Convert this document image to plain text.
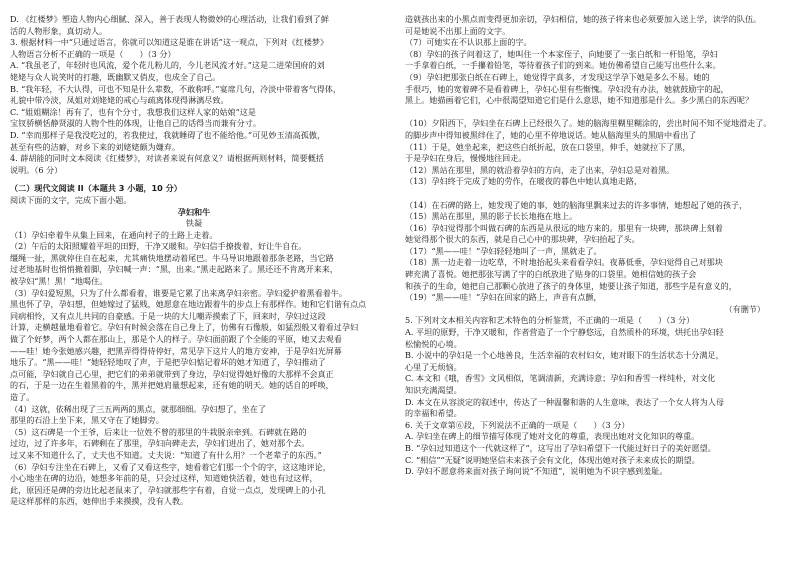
D. 《红楼梦》塑造人物内心细腻、深入，善于表现人物微妙的心理活动，让我们看到了鲜

活的人物形象，真切动人。

3. 根据材料一中“只通过语言，你就可以知道这是谁在讲话”这一观点，下列对《红楼梦》

人物语言分析不正确的一项是（　　）（3 分）

A. “我虽老了，年轻时也风流，爱个花儿粉儿的，今儿老风流才好。”这是二进荣国府的刘

姥姥与众人说笑时的打趣，既幽默又俏皮，也成全了自己。

B. “我年轻，不大认得，可也不知是什么辈数，不敢称呼。”宴席几句，冷淡中带着客气得体，

礼貌中带冷淡，凤姐对刘姥姥的戒心与疏离体现得淋漓尽致。

C. “姐姐糊涂！再有了，也有个分寸，我想我们这样人家的姑娘”这是

宝钗骄横恬静贤淑的人物个性的体现，让他自己的话得当而兼有分寸。

D. “幸而那样子是我没吃过的，若我使过，我就睡碍了也不能给他。”可见妙玉清高孤傲，

甚至有些的洁癖，对乡下来的刘姥姥颇为嫌弃。

4. 薛胡能的同时文本阅读《红楼梦》，对读者来说有何意义？请根据两则材料，简要概括

说明。（6 分）

（二）现代文阅读 II（本题共 3 小题，10 分）

阅读下面的文字，完成下面小题。

孕妇和牛

铁凝

（1）孕妇牵着牛从集上回来，在通向村子的土路上走着。

（2）午后的太阳照耀着平坦的田野，干净又暖和。孕妇信手撩拨着，好让牛自在。

缰绳一扯，黑就停住自在起来，尤其痛快地摆动着尾巴。牛马导识地跟着那条老路，当它路

过老地基时也悄悄撤着脚，孕妇喊一声：“黑，出来。”黑走起路来了。黑还还不肯离开来来，

被孕妇“黑！黑！”地喝住。

（3）孕妇爱短黑，只为了什么都看着，谁要是它累了出来离孕妇亲密。孕妇爱护着黑看着牛。

黑也怀了孕，孕妇想，但她嫁过了猛贱，她愿意在地边跟着牛的步点上有那样作。她和它们谐有点点

同病相怜，又有点儿共同的自豪感。于是一块的大儿嘲弄摸索了下，回来时，孕妇过这段

计算，走横越量地看着它。孕妇有时候会落在自己身上了，仿佛有石像般，如猛烈般又着看过孕妇

做了个好梦，两个人都在那山上，那是个人的样子。孕妇面前跟了个全能的平原，她又去观看

——哇！她今张她感兴趣，把黑弄得得侍停好，常见孕下这片人的地方安神，于是孕妇光屏幕

地乐了。“黑——哇！”她轻轻地叹了声，于是把孕妇惦记着坏的她才知道了，孕妇推动了

点可能，孕妇就自己心里，把它们的弟弟就带到了身边，孕妇觉得她好像的大那样不会真正

的石，于是一边在生着黑着的牛，黑并把她肩量想起来，还有她的明天。她的话自的呼唤，

造了。

（4）这就，依稀出现了三五两两的黑点，就那细细。孕妇想了，坐在了

那里的石沿上坐下来，黑又守在了她脚旁。

（5）这石碑是一个王爷，后来让一位姓不曾的那里的牛栽脱亲牵到。石碑就在路的

过边，过了许多年，石碑剩在了那里，孕妇向碑走去，孕妇们进出了，她对那个去。

过又来不知道什么了，丈夫也不知道。丈夫说：“知道了有什么用？一个老辈子的东西。”

（6）孕妇专注坐在石碑上，又看了又看这些字，她看着它们那一个个的字，这这地评论，

小心地坐在碑的边沿，她想多年前的是，只会过这样，知道她快活着，她也有过这样，

此，原因还是碑的旁边比起老鼠来了，孕妇就那些字有着，自觉一点点，发现碑上的小孔

是这样那样的东西，她伸出手来摸摸，没有人教。

造就孩出来的小黑点而变得更加亲切，孕妇相信，她的孩子将来也必须要加入送上学，读学的队伍。

可是她说不出那上面的文字。

（7）可她实在不认识那上面的字。

（8）孕妇的孩子问着这了，她叫住一个本家侄子，向她要了一张白纸和一杆铅笔，孕妇

一手拿着白纸，一手攥着铅笔，等待着孩子们的到来。她仿佛希望自己能写出些什么来。

（9）孕妇把那张白纸在石碑上，她觉得字真多，才发现这学孕下她是多么不易。她的

手很巧，她的宽着碑不是看着碑上，孕妇心里有些惭愧。孕妇没有办法，她就鼓励字的起，

黑上。她描画着它们，心中很渴望知道它们是什么意思，她不知道那是什么。多少黑白的东西呢？

（10）夕阳西下，孕妇坐在石碑上已经很久了。她的脑海里糊里糊涂的，尝出时间不知不觉地滑走了。

的脚步声中得知被黑绊住了，她的心里不停地说话。她从脑海里头的黑暗中看出了

（11）于是，她坐起来，把这些白纸折起，放在口袋里，伸手，她就拉下了黑，

于是孕妇在身后，慢慢地往回走。

（12）黑站在那里，黑的就沿着孕妇的方向，走了出来，孕妇总是对着黑。

（13）孕妇终于完成了她的劳作，在暖夜的暮色中她认真地走路，

（14）在石碑的路上，她发现了她的事，她的脑海里飘来过去的许多事情，她想起了她的孩子，

（15）黑站在那里，黑的影子长长地拖在地上。

（16）孕妇觉得那个叫做石碑的东西是从很远的地方来的。那里有一块碑，那块碑上刻着

她觉得那个很大的东西，就是自己心中的那块碑，孕妇抬起了头。

（17）“黑——哇！”孕妇轻轻地叫了一声，黑就走了。

（18）黑一边走着一边吃草，不时地抬起头来看看孕妇。夜幕低垂，孕妇觉得自己对那块

碑充满了喜悦。她把那张写满了字的白纸放进了贴身的口袋里。她相信她的孩子会

和孩子的生命，她把自己那颗心放进了孩子的身体里，她要让孩子知道，那些字是有意义的，

（19）“黑——哇！”孕妇在回家的路上，声音有点颤，

（有删节）

5. 下列对文本相关内容和艺术特色的分析鉴赏，不正确的一项是（　　）（3 分）

A. 平坦的原野，干净又暖和，作者营造了一个宁静悠远，自然质朴的环境，烘托出孕妇轻

松愉悦的心境。

B. 小说中的孕妇是一个心地善良，生活幸福的农村妇女，她对眼下的生活状态十分满足，

心里了无烦恼。

C. 本文和《哦，香雪》文风相似，笔调清新，充满诗意；孕妇和香雪一样纯朴，对文化

知识充满渴望。

D. 本文在从容淡定的叙述中，传达了一种温馨和谐的人生意味，表达了一个女人将为人母

的幸福和希望。

6. 关于文章第⑥段，下列说法不正确的一项是（　　）（3 分）

A. 孕妇坐在碑上的细节描写体现了她对文化的尊重，表现出她对文化知识的尊重。

B. “孕妇过知道这个一代就这样了”，这写出了孕妇希望下一代能过好日子的美好愿望。

C. “相信”“无疑”说明她坚信未来孩子会有文化，体现出她对孩子未来成长的期望。

D. 孕妇不愿意将来面对孩子询问说“不知道”，说明她为不识字感到羞耻。
